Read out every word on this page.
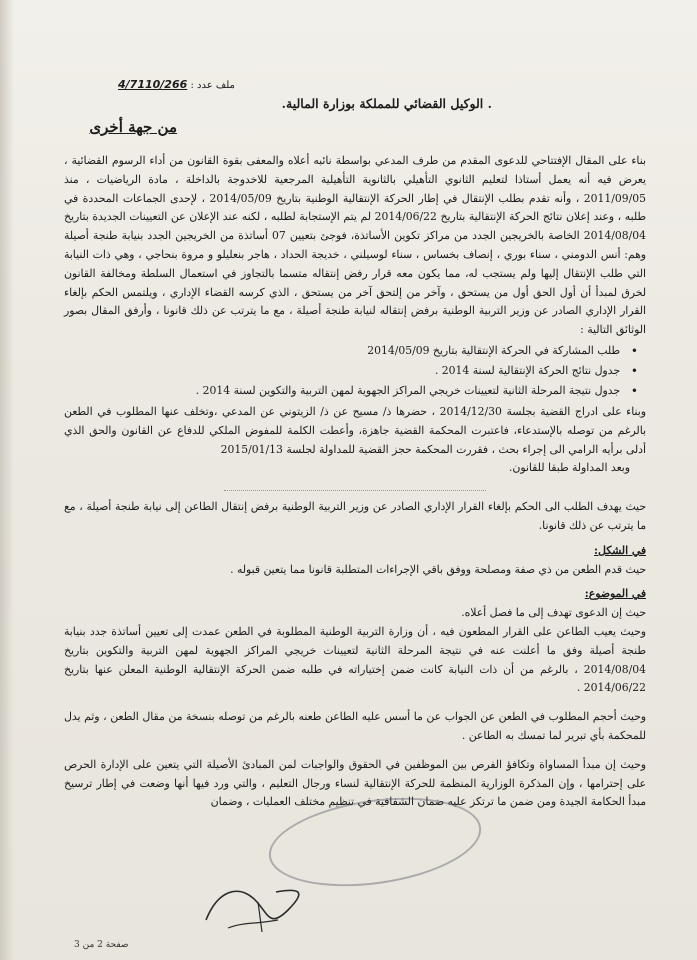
ملف عدد : 4/7110/266
. الوكيل القضائي للمملكة بوزارة المالية.
من جهة أخرى

بناء على المقال الإفتتاحي للدعوى المقدم من طرف المدعي بواسطة نائبه أعلاه والمعفى بقوة القانون من أداء الرسوم القضائية ، يعرض فيه أنه يعمل أستاذا لتعليم الثانوي التأهيلي بالثانوية التأهيلية المرجعية للاخدوجة بالداخلة ، مادة الرياضيات ، منذ 2011/09/05 ، وأنه تقدم بطلب الإنتقال في إطار الحركة الإنتقالية الوطنية بتاريخ 2014/05/09 ، لإحدى الجماعات المحددة في طلبه ، وعند إعلان نتائج الحركة الإنتقالية بتاريخ 2014/06/22 لم يتم الإستجابة لطلبه ، لكنه عند الإعلان عن التعيينات الجديدة بتاريخ 2014/08/04 الخاصة بالخريجين الجدد من مراكز تكوين الأساتذة، فوجئ بتعيين 07 أساتذة من الخريجين الجدد بنيابة طنجة أصيلة وهم: أنس الدومني ، سناء بوري ، إنصاف بخساس ، سناء لوسيلني ، خديجة الحداد ، هاجر بنعليلو و مروة بنحاجي ، وهي ذات النيابة التي طلب الإنتقال إليها ولم يستجب له، مما يكون معه قرار رفض إنتقاله متسما بالتجاوز في استعمال السلطة ومخالفة القانون لخرق لمبدأ أن أول الحق أول من يستحق ، وآخر من إلتحق آخر من يستحق ، الذي كرسه القضاء الإداري ، ويلتمس الحكم بإلغاء القرار الإداري الصادر عن وزير التربية الوطنية برفض إنتقاله لنيابة طنجة أصيلة ، مع ما يترتب عن ذلك قانونا ، وأرفق المقال بصور الوثائق التالية :

• طلب المشاركة في الحركة الإنتقالية بتاريخ 2014/05/09
• جدول نتائج الحركة الإنتقالية لسنة 2014 .
• جدول نتيجة المرحلة الثانية لتعيينات خريجي المراكز الجهوية لمهن التربية والتكوين لسنة 2014 .

وبناء على ادراج القضية بجلسة 2014/12/30 ، حضرها ذ/ مسيح عن ذ/ الزيتوني عن المدعي ،وتخلف عنها المطلوب في الطعن بالرغم من توصله بالإستدعاء، فاعتبرت المحكمة القضية جاهزة، وأعطت الكلمة للمفوض الملكي للدفاع عن القانون والحق الذي أدلى برأيه الرامي الى إجراء بحث ، فقررت المحكمة حجز القضية للمداولة لجلسة 2015/01/13

وبعد المداولة طبقا للقانون.

حيث يهدف الطلب الى الحكم بإلغاء القرار الإداري الصادر عن وزير التربية الوطنية برفض إنتقال الطاعن إلى نيابة طنجة أصيلة ، مع ما يترتب عن ذلك قانونا.

في الشكل:

حيث قدم الطعن من ذي صفة ومصلحة ووفق باقي الإجراءات المتطلبة قانونا مما يتعين قبوله .

في الموضوع:

حيث إن الدعوى تهدف إلى ما فصل أعلاه.

وحيث يعيب الطاعن على القرار المطعون فيه ، أن وزارة التربية الوطنية المطلوبة في الطعن عمدت إلى تعيين أساتذة جدد بنيابة طنجة أصيلة وفق ما أعلنت عنه في نتيجة المرحلة الثانية لتعيينات خريجي المراكز الجهوية لمهن التربية والتكوين بتاريخ 2014/08/04 ، بالرغم من أن ذات النيابة كانت ضمن إختياراته في طلبه ضمن الحركة الإنتقالية الوطنية المعلن عنها بتاريخ 2014/06/22 .

وحيث أحجم المطلوب في الطعن عن الجواب عن ما أسس عليه الطاعن طعنه بالرغم من توصله بنسخة من مقال الطعن ، وثم يدل للمحكمة بأي تبرير لما تمسك به الطاعن .

وحيث إن مبدأ المساواة وتكافؤ الفرص بين الموظفين في الحقوق والواجبات لمن المبادئ الأصيلة التي يتعين على الإدارة الحرص على إحترامها ، وإن المذكرة الوزارية المنظمة للحركة الإنتقالية لنساء ورجال التعليم ، والتي ورد فيها أنها وضعت في إطار ترسيخ مبدأ الحكامة الجيدة ومن ضمن ما ترتكز عليه ضمان الشفافية في تنظيم مختلف العمليات ، وضمان

صفحة 2 من 3
